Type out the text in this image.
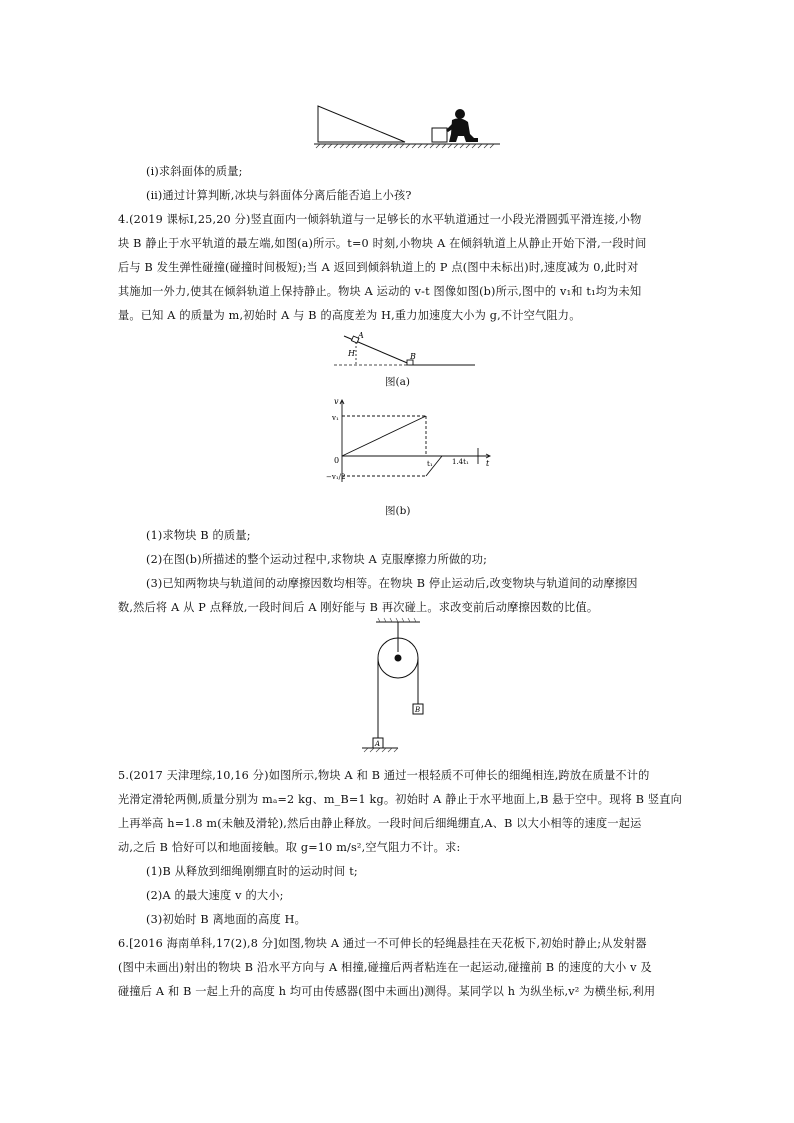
(ⅰ)求斜面体的质量;
(ⅱ)通过计算判断,冰块与斜面体分离后能否追上小孩?
4.(2019 课标Ⅰ,25,20 分)竖直面内一倾斜轨道与一足够长的水平轨道通过一小段光滑圆弧平滑连接,小物
块 B 静止于水平轨道的最左端,如图(a)所示。t=0 时刻,小物块 A 在倾斜轨道上从静止开始下滑,一段时间
后与 B 发生弹性碰撞(碰撞时间极短);当 A 返回到倾斜轨道上的 P 点(图中未标出)时,速度减为 0,此时对
其施加一外力,使其在倾斜轨道上保持静止。物块 A 运动的 v-t 图像如图(b)所示,图中的 v₁和 t₁均为未知
量。已知 A 的质量为 m,初始时 A 与 B 的高度差为 H,重力加速度大小为 g,不计空气阻力。
A
H	B
图(a)
v
v₁
0	t₁	1.4t₁ t
−v₁/2
图(b)
(1)求物块 B 的质量;
(2)在图(b)所描述的整个运动过程中,求物块 A 克服摩擦力所做的功;
(3)已知两物块与轨道间的动摩擦因数均相等。在物块 B 停止运动后,改变物块与轨道间的动摩擦因
数,然后将 A 从 P 点释放,一段时间后 A 刚好能与 B 再次碰上。求改变前后动摩擦因数的比值。
A
B
5.(2017 天津理综,10,16 分)如图所示,物块 A 和 B 通过一根轻质不可伸长的细绳相连,跨放在质量不计的
光滑定滑轮两侧,质量分别为 mₐ=2 kg、m_B=1 kg。初始时 A 静止于水平地面上,B 悬于空中。现将 B 竖直向
上再举高 h=1.8 m(未触及滑轮),然后由静止释放。一段时间后细绳绷直,A、B 以大小相等的速度一起运
动,之后 B 恰好可以和地面接触。取 g=10 m/s²,空气阻力不计。求:
(1)B 从释放到细绳刚绷直时的运动时间 t;
(2)A 的最大速度 v 的大小;
(3)初始时 B 离地面的高度 H。
6.[2016 海南单科,17(2),8 分]如图,物块 A 通过一不可伸长的轻绳悬挂在天花板下,初始时静止;从发射器
(图中未画出)射出的物块 B 沿水平方向与 A 相撞,碰撞后两者粘连在一起运动,碰撞前 B 的速度的大小 v 及
碰撞后 A 和 B 一起上升的高度 h 均可由传感器(图中未画出)测得。某同学以 h 为纵坐标,v² 为横坐标,利用
